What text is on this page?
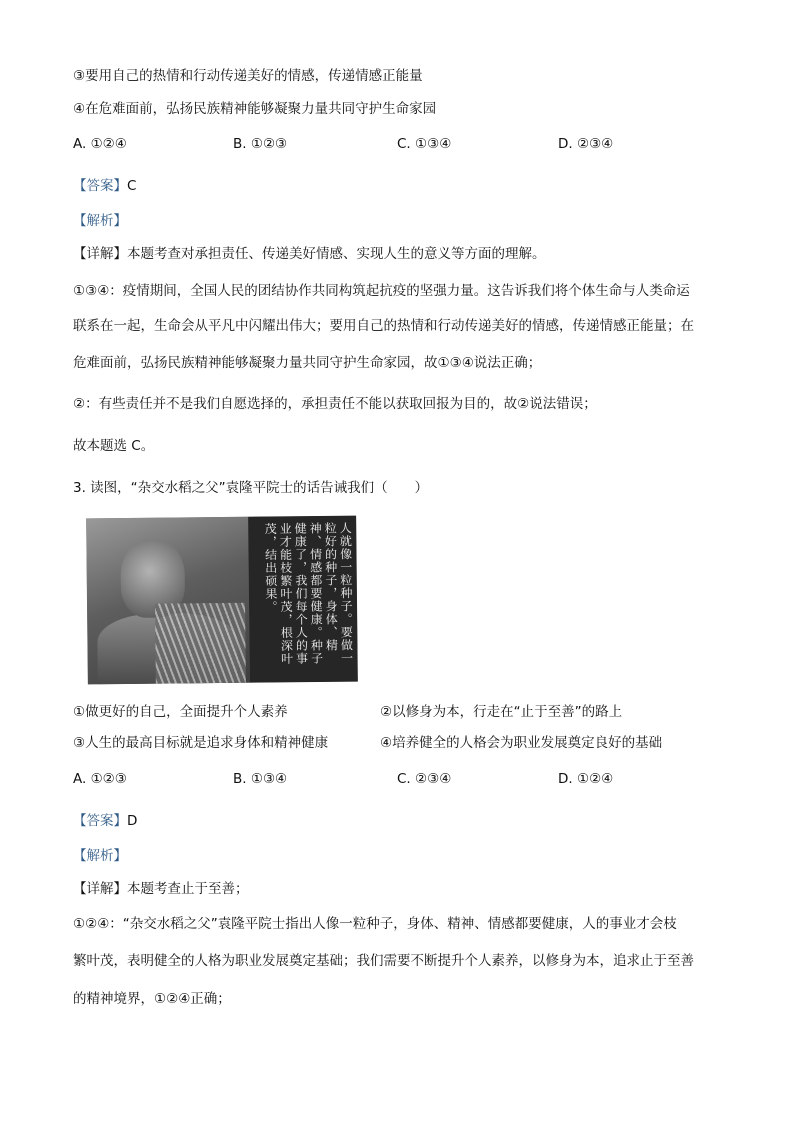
③要用自己的热情和行动传递美好的情感，传递情感正能量
④在危难面前，弘扬民族精神能够凝聚力量共同守护生命家园
A. ①②④	B. ①②③	C. ①③④	D. ②③④
【答案】C
【解析】
【详解】本题考查对承担责任、传递美好情感、实现人生的意义等方面的理解。
①③④：疫情期间，全国人民的团结协作共同构筑起抗疫的坚强力量。这告诉我们将个体生命与人类命运
联系在一起，生命会从平凡中闪耀出伟大；要用自己的热情和行动传递美好的情感，传递情感正能量；在
危难面前，弘扬民族精神能够凝聚力量共同守护生命家园，故①③④说法正确；
②：有些责任并不是我们自愿选择的，承担责任不能以获取回报为目的，故②说法错误；
故本题选 C。
3. 读图，“杂交水稻之父”袁隆平院士的话告诫我们（　　）
人就像一粒种子。要做一粒好的种子，身体、精神、情感都要健康。种子健康了，我们每个人的事业才能枝繁叶茂，根深叶茂，结出硕果。
①做更好的自己，全面提升个人素养	②以修身为本，行走在“止于至善”的路上
③人生的最高目标就是追求身体和精神健康	④培养健全的人格会为职业发展奠定良好的基础
A. ①②③	B. ①③④	C. ②③④	D. ①②④
【答案】D
【解析】
【详解】本题考查止于至善；
①②④：“杂交水稻之父”袁隆平院士指出人像一粒种子，身体、精神、情感都要健康，人的事业才会枝
繁叶茂，表明健全的人格为职业发展奠定基础；我们需要不断提升个人素养，以修身为本，追求止于至善
的精神境界，①②④正确；
